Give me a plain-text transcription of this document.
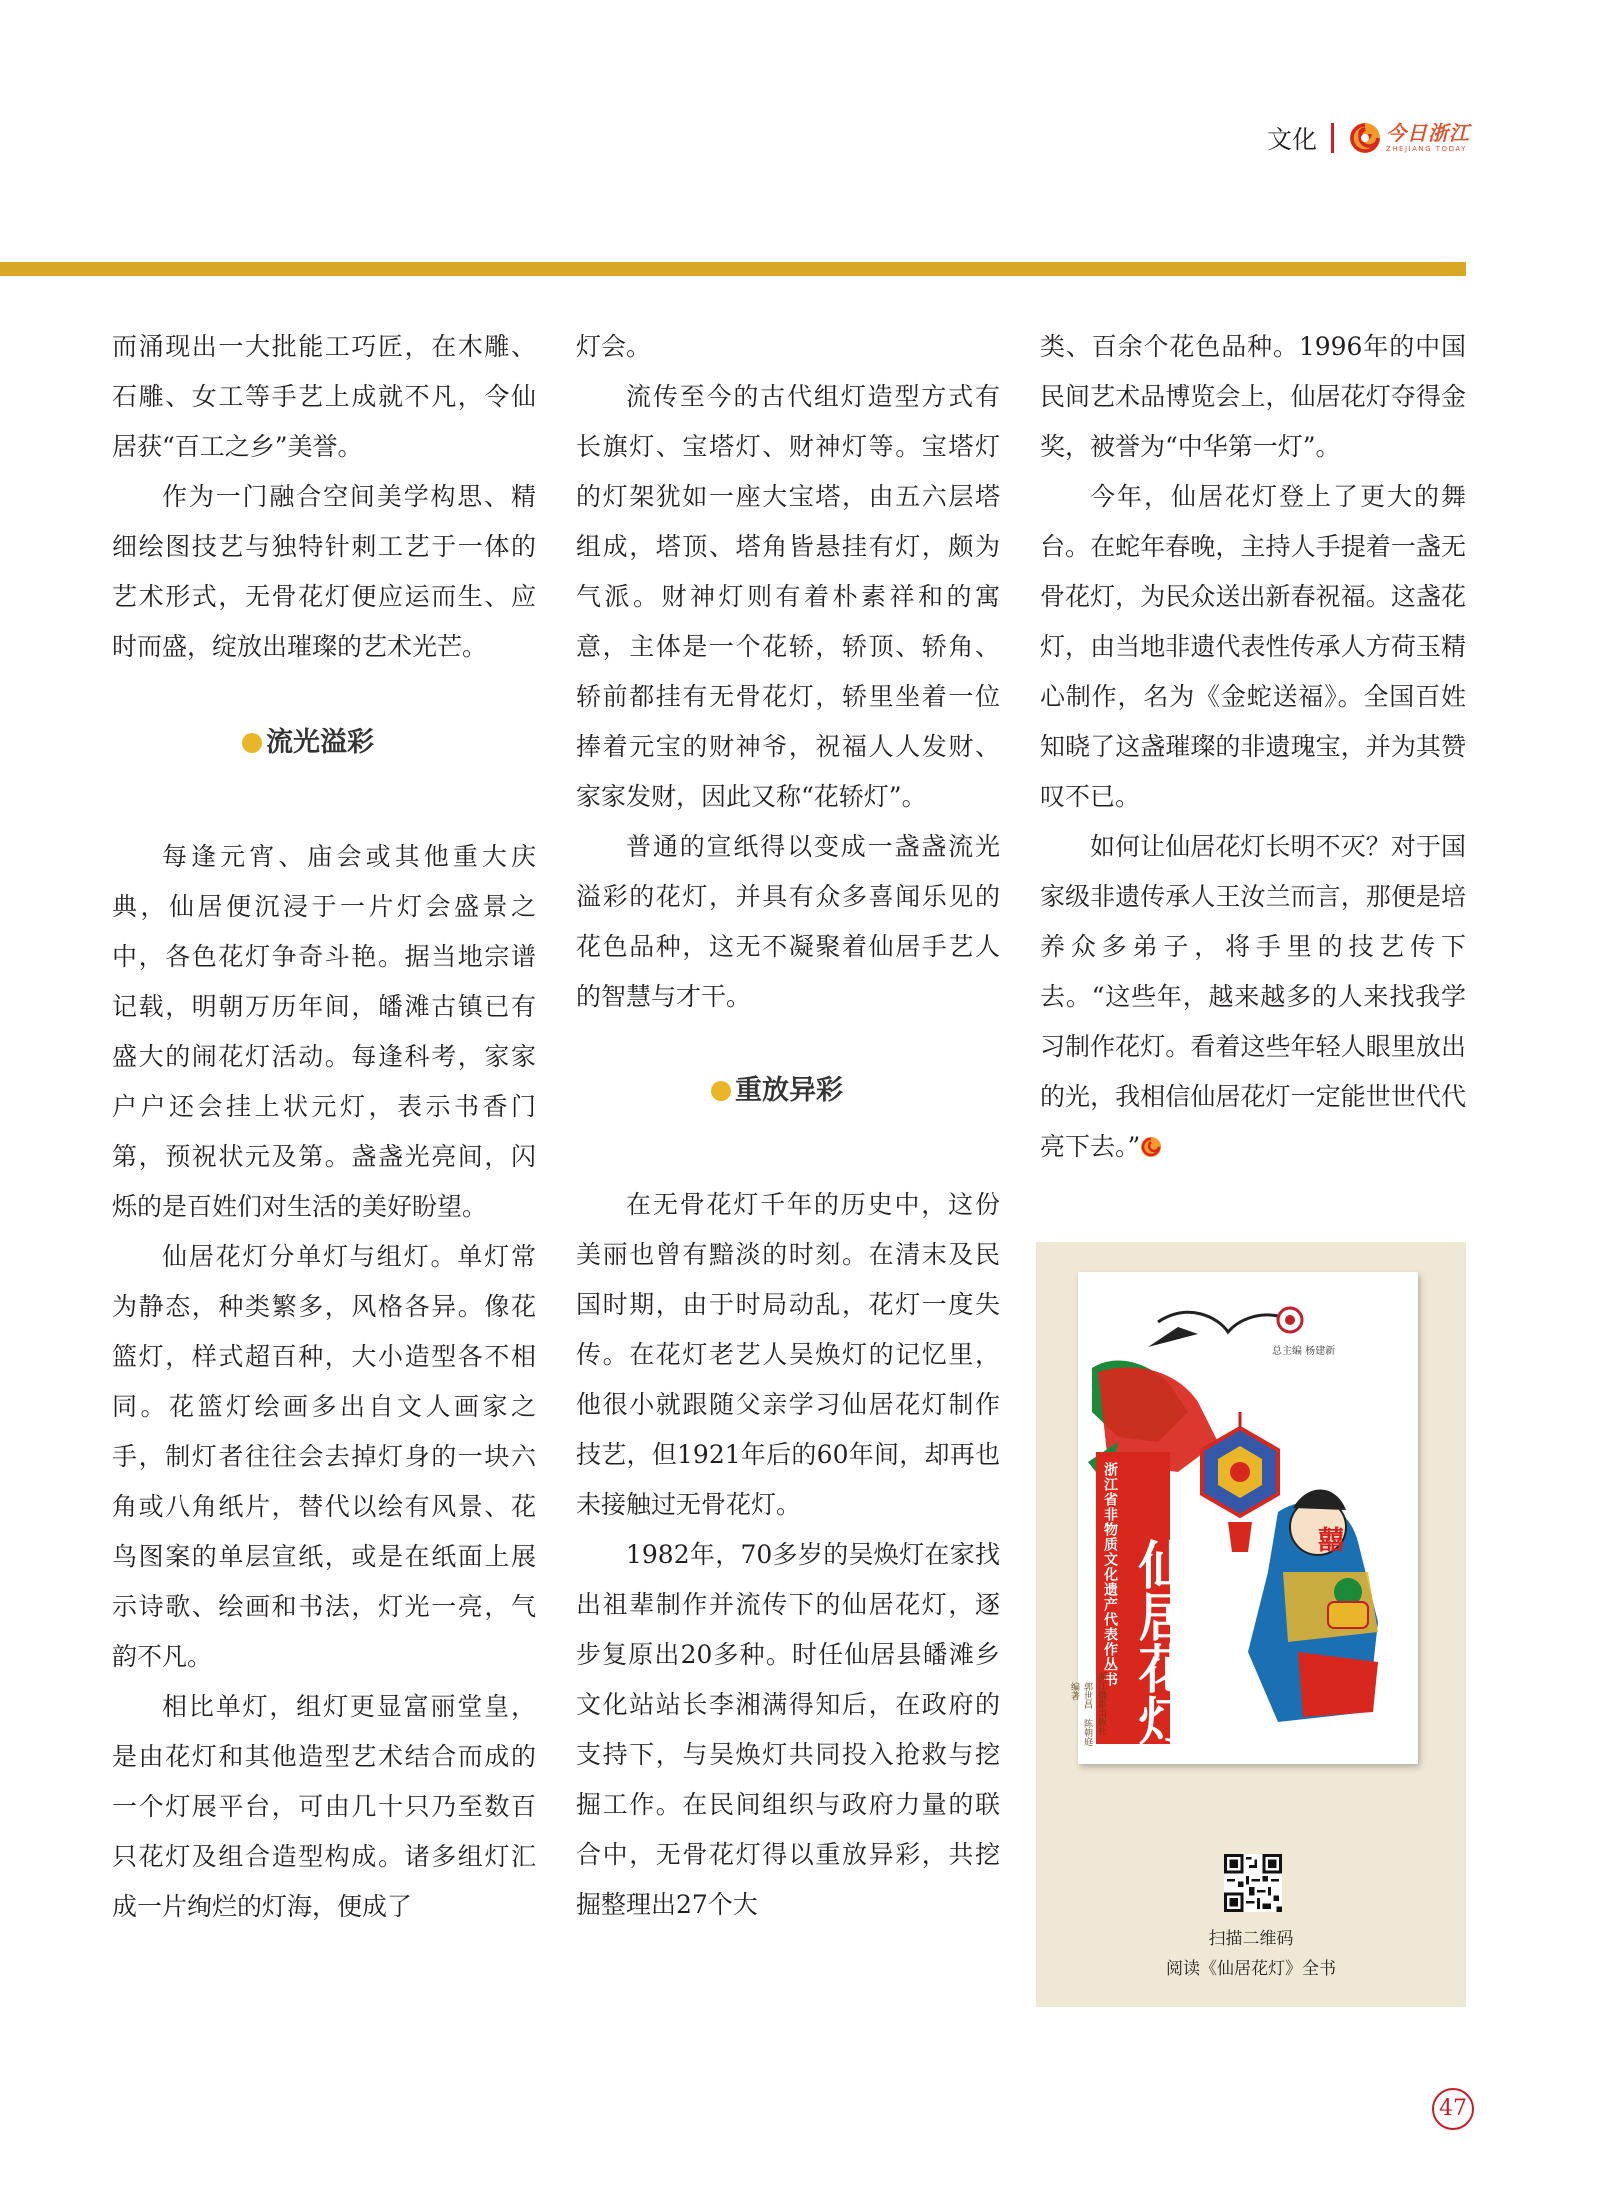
文化	今日浙江
ZHEJIANG TODAY

而涌现出一大批能工巧匠，在木雕、石雕、女工等手艺上成就不凡，令仙居获“百工之乡”美誉。

作为一门融合空间美学构思、精细绘图技艺与独特针刺工艺于一体的艺术形式，无骨花灯便应运而生、应时而盛，绽放出璀璨的艺术光芒。

流光溢彩

每逢元宵、庙会或其他重大庆典，仙居便沉浸于一片灯会盛景之中，各色花灯争奇斗艳。据当地宗谱记载，明朝万历年间，皤滩古镇已有盛大的闹花灯活动。每逢科考，家家户户还会挂上状元灯，表示书香门第，预祝状元及第。盏盏光亮间，闪烁的是百姓们对生活的美好盼望。

仙居花灯分单灯与组灯。单灯常为静态，种类繁多，风格各异。像花篮灯，样式超百种，大小造型各不相同。花篮灯绘画多出自文人画家之手，制灯者往往会去掉灯身的一块六角或八角纸片，替代以绘有风景、花鸟图案的单层宣纸，或是在纸面上展示诗歌、绘画和书法，灯光一亮，气韵不凡。

相比单灯，组灯更显富丽堂皇，是由花灯和其他造型艺术结合而成的一个灯展平台，可由几十只乃至数百只花灯及组合造型构成。诸多组灯汇成一片绚烂的灯海，便成了

灯会。

流传至今的古代组灯造型方式有长旗灯、宝塔灯、财神灯等。宝塔灯的灯架犹如一座大宝塔，由五六层塔组成，塔顶、塔角皆悬挂有灯，颇为气派。财神灯则有着朴素祥和的寓意，主体是一个花轿，轿顶、轿角、轿前都挂有无骨花灯，轿里坐着一位捧着元宝的财神爷，祝福人人发财、家家发财，因此又称“花轿灯”。

普通的宣纸得以变成一盏盏流光溢彩的花灯，并具有众多喜闻乐见的花色品种，这无不凝聚着仙居手艺人的智慧与才干。

重放异彩

在无骨花灯千年的历史中，这份美丽也曾有黯淡的时刻。在清末及民国时期，由于时局动乱，花灯一度失传。在花灯老艺人吴焕灯的记忆里，他很小就跟随父亲学习仙居花灯制作技艺，但1921年后的60年间，却再也未接触过无骨花灯。

1982年，70多岁的吴焕灯在家找出祖辈制作并流传下的仙居花灯，逐步复原出20多种。时任仙居县皤滩乡文化站站长李湘满得知后，在政府的支持下，与吴焕灯共同投入抢救与挖掘工作。在民间组织与政府力量的联合中，无骨花灯得以重放异彩，共挖掘整理出27个大

类、百余个花色品种。1996年的中国民间艺术品博览会上，仙居花灯夺得金奖，被誉为“中华第一灯”。

今年，仙居花灯登上了更大的舞台。在蛇年春晚，主持人手提着一盏无骨花灯，为民众送出新春祝福。这盏花灯，由当地非遗代表性传承人方荷玉精心制作，名为《金蛇送福》。全国百姓知晓了这盏璀璨的非遗瑰宝，并为其赞叹不已。

如何让仙居花灯长明不灭？对于国家级非遗传承人王汝兰而言，那便是培养众多弟子，将手里的技艺传下去。“这些年，越来越多的人来找我学习制作花灯。看着这些年轻人眼里放出的光，我相信仙居花灯一定能世世代代亮下去。”

总主编 杨建新
浙江省非物质文化遗产代表作丛书 仙居花灯
郭世昌 陈朝庭 编著	浙江摄影出版社
囍
扫描二维码
阅读《仙居花灯》全书
47
